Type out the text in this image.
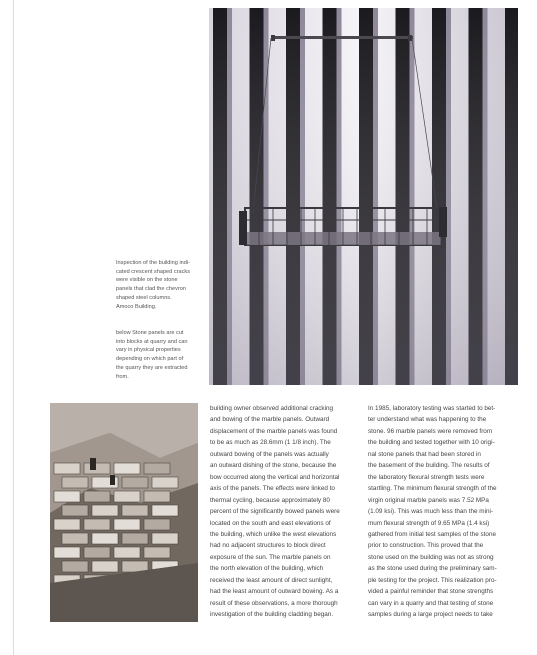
Inspection of the building indi-

cated crescent shaped cracks

were visible on the stone

panels that clad the chevron

shaped steel columns.

Amoco Building.

below Stone panels are cut

into blocks at quarry and can

vary in physical properties

depending on which part of

the quarry they are extracted

from.

building owner observed additional cracking
and bowing of the marble panels. Outward
displacement of the marble panels was found
to be as much as 28.6mm (1 1/8 inch). The
outward bowing of the panels was actually
an outward dishing of the stone, because the
bow occurred along the vertical and horizontal
axis of the panels. The effects were linked to
thermal cycling, because approximately 80
percent of the significantly bowed panels were
located on the south and east elevations of
the building, which unlike the west elevations
had no adjacent structures to block direct
exposure of the sun. The marble panels on
the north elevation of the building, which
received the least amount of direct sunlight,
had the least amount of outward bowing. As a
result of these observations, a more thorough
investigation of the building cladding began.
In 1985, laboratory testing was started to bet-
ter understand what was happening to the
stone. 96 marble panels were removed from
the building and tested together with 10 origi-
nal stone panels that had been stored in
the basement of the building. The results of
the laboratory flexural strength tests were
startling. The minimum flexural strength of the
virgin original marble panels was 7.52 MPa
(1.09 ksi). This was much less than the mini-
mum flexural strength of 9.65 MPa (1.4 ksi)
gathered from initial test samples of the stone
prior to construction. This proved that the
stone used on the building was not as strong
as the stone used during the preliminary sam-
ple testing for the project. This realization pro-
vided a painful reminder that stone strengths
can vary in a quarry and that testing of stone
samples during a large project needs to take
